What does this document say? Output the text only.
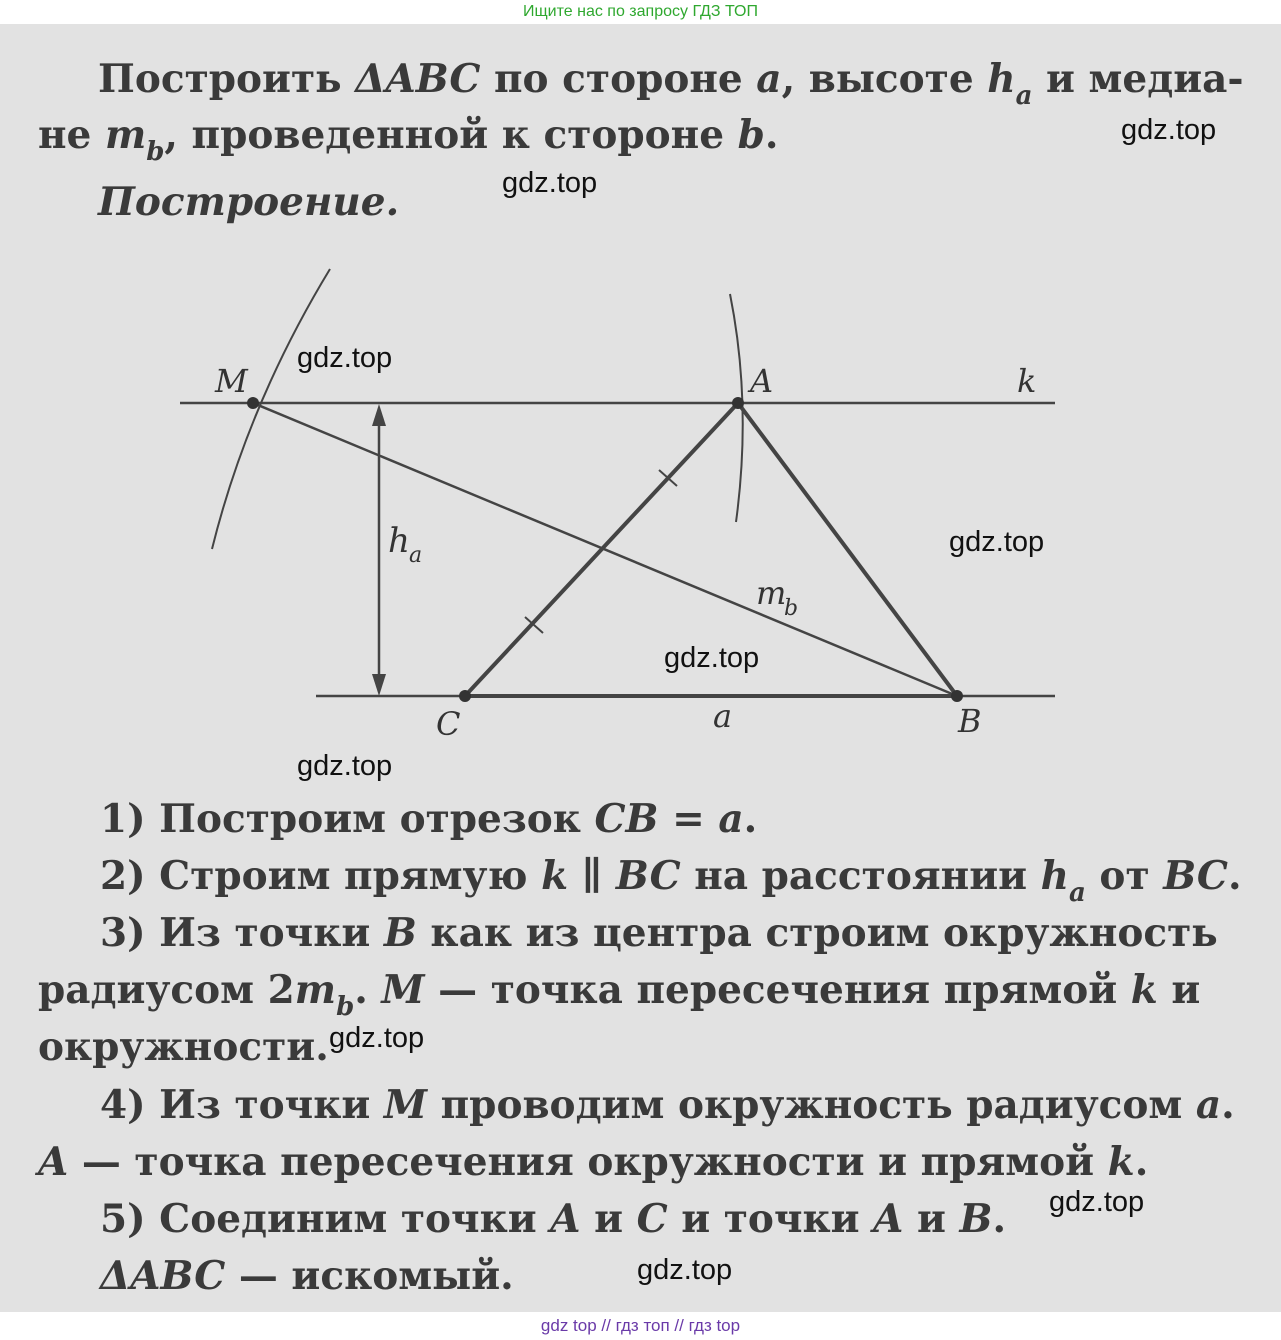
Ищите нас по запросу ГДЗ ТОП
Построить ΔABC по стороне a, высоте $h_a$ и медиа-
не $m_b$, проведенной к стороне b.
Построение.
M	A	k
C	B
a
h a
m
b
1) Построим отрезок CB = a.
2) Строим прямую k ∥ BC на расстоянии $h_a$ от BC.
3) Из точки B как из центра строим окружность
радиусом $2m_b$. M — точка пересечения прямой k и
окружности.
4) Из точки M проводим окружность радиусом a.
A — точка пересечения окружности и прямой k.
5) Соединим точки A и C и точки A и B.
ΔABC — искомый.
gdz.top
gdz.top
gdz.top
gdz.top
gdz.top
gdz.top
gdz.top
gdz.top
gdz.top
gdz top // гдз топ // гдз top
